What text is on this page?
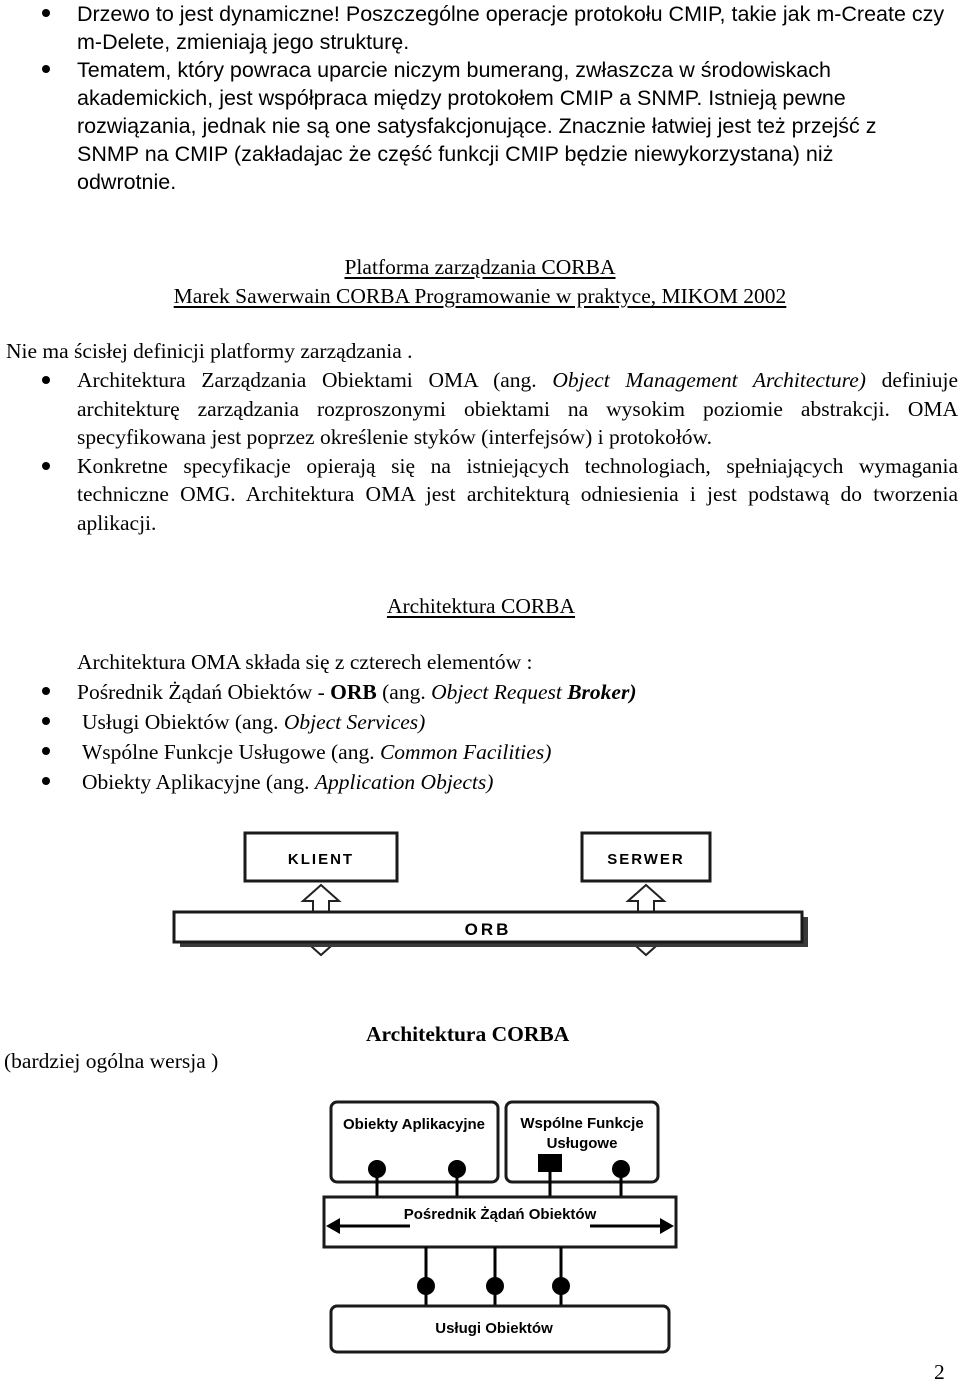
Drzewo to jest dynamiczne! Poszczególne operacje protokołu CMIP, takie jak m-Create czy m-Delete, zmieniają jego strukturę.
Tematem, który powraca uparcie niczym bumerang, zwłaszcza w środowiskach akademickich, jest współpraca między protokołem CMIP a SNMP. Istnieją pewne rozwiązania, jednak nie są one satysfakcjonujące. Znacznie łatwiej jest też przejść z SNMP na CMIP (zakładajac że część funkcji CMIP będzie niewykorzystana) niż odwrotnie.
Platforma zarządzania CORBA
Marek Sawerwain CORBA Programowanie w praktyce, MIKOM 2002
Nie ma ścisłej definicji platformy zarządzania .
Architektura Zarządzania Obiektami OMA (ang. Object Management Architecture) definiuje architekturę zarządzania rozproszonymi obiektami na wysokim poziomie abstrakcji. OMA specyfikowana jest poprzez określenie styków (interfejsów) i protokołów.
Konkretne specyfikacje opierają się na istniejących technologiach, spełniających wymagania techniczne OMG. Architektura OMA jest architekturą odniesienia i jest podstawą do tworzenia aplikacji.
Architektura CORBA
Architektura OMA składa się z czterech elementów :
Pośrednik Żądań Obiektów - ORB (ang. Object Request Broker)
Usługi Obiektów (ang. Object Services)
Wspólne Funkcje Usługowe (ang. Common Facilities)
Obiekty Aplikacyjne (ang. Application Objects)
KLIENT	SERWER
ORB
(bardziej ogólna wersja )
Architektura CORBA
Obiekty Aplikacyjne Wspólne Funkcje
Usługowe
Pośrednik Żądań Obiektów
Usługi Obiektów
2
